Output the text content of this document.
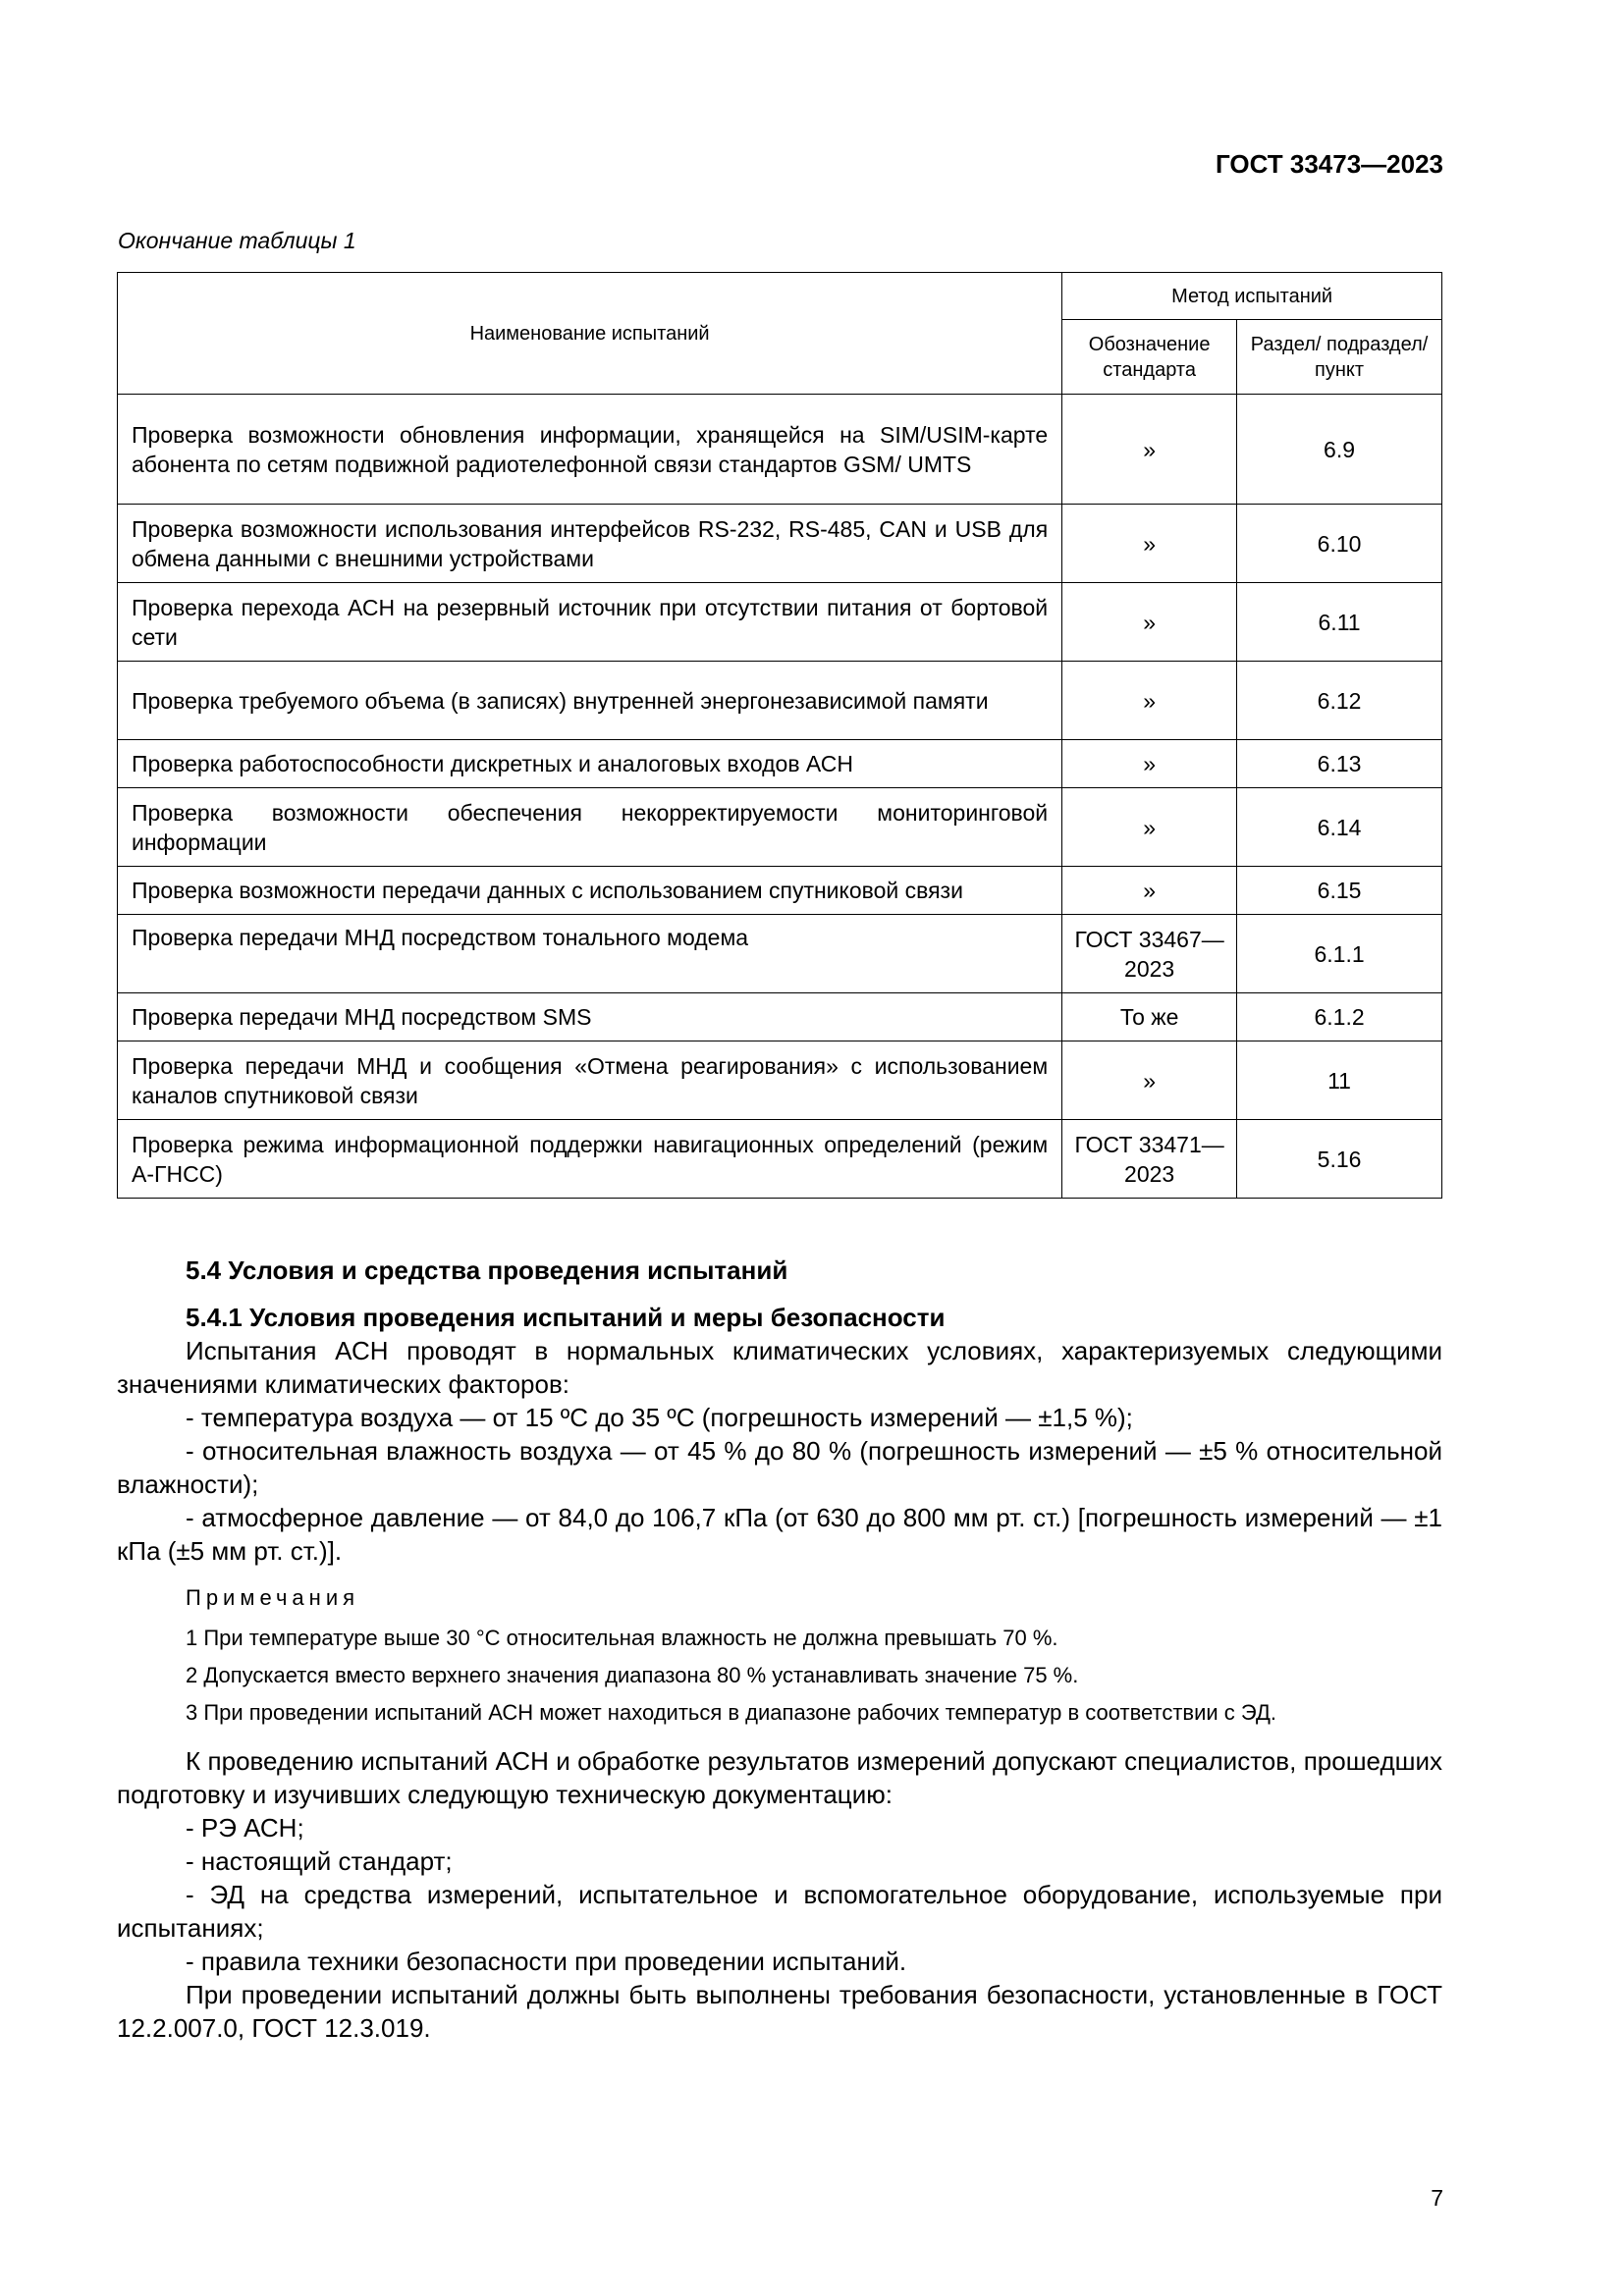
ГОСТ 33473—2023
Окончание таблицы 1
Наименование испытаний	Метод испытаний	
	Обозначение стандарта	Раздел/ подраздел/пункт
Проверка возможности обновления информации, хранящейся на SIM/USIM-карте абонента по сетям подвижной радиотелефонной связи стандартов GSM/ UMTS	»	6.9
Проверка возможности использования интерфейсов RS-232, RS-485, CAN и USB для обмена данными с внешними устройствами	»	6.10
Проверка перехода АСН на резервный источник при отсутствии питания от бортовой сети	»	6.11
Проверка требуемого объема (в записях) внутренней энергонезависимой памяти	»	6.12
Проверка работоспособности дискретных и аналоговых входов АСН	»	6.13
Проверка возможности обеспечения некорректируемости мониторинговой информации	»	6.14
Проверка возможности передачи данных с использованием спутниковой связи	»	6.15
Проверка передачи МНД посредством тонального модема	ГОСТ 33467—2023	6.1.1
Проверка передачи МНД посредством SMS	То же	6.1.2
Проверка передачи МНД и сообщения «Отмена реагирования» с использованием каналов спутниковой связи	»	11
Проверка режима информационной поддержки навигационных определений (режим А-ГНСС)	ГОСТ 33471—2023	5.16

5.4 Условия и средства проведения испытаний

5.4.1 Условия проведения испытаний и меры безопасности

Испытания АСН проводят в нормальных климатических условиях, характеризуемых следующими значениями климатических факторов:

- температура воздуха — от 15 ºС до 35 ºС (погрешность измерений — ±1,5 %);

- относительная влажность воздуха — от 45 % до 80 % (погрешность измерений — ±5 % относительной влажности);

- атмосферное давление — от 84,0 до 106,7 кПа (от 630 до 800 мм рт. ст.) [погрешность измерений — ±1 кПа (±5 мм рт. ст.)].

Примечания

1 При температуре выше 30 °С относительная влажность не должна превышать 70 %.

2 Допускается вместо верхнего значения диапазона 80 % устанавливать значение 75 %.

3 При проведении испытаний АСН может находиться в диапазоне рабочих температур в соответствии с ЭД.

К проведению испытаний АСН и обработке результатов измерений допускают специалистов, прошедших подготовку и изучивших следующую техническую документацию:

- РЭ АСН;

- настоящий стандарт;

- ЭД на средства измерений, испытательное и вспомогательное оборудование, используемые при испытаниях;

- правила техники безопасности при проведении испытаний.

При проведении испытаний должны быть выполнены требования безопасности, установленные в ГОСТ 12.2.007.0, ГОСТ 12.3.019.

7
